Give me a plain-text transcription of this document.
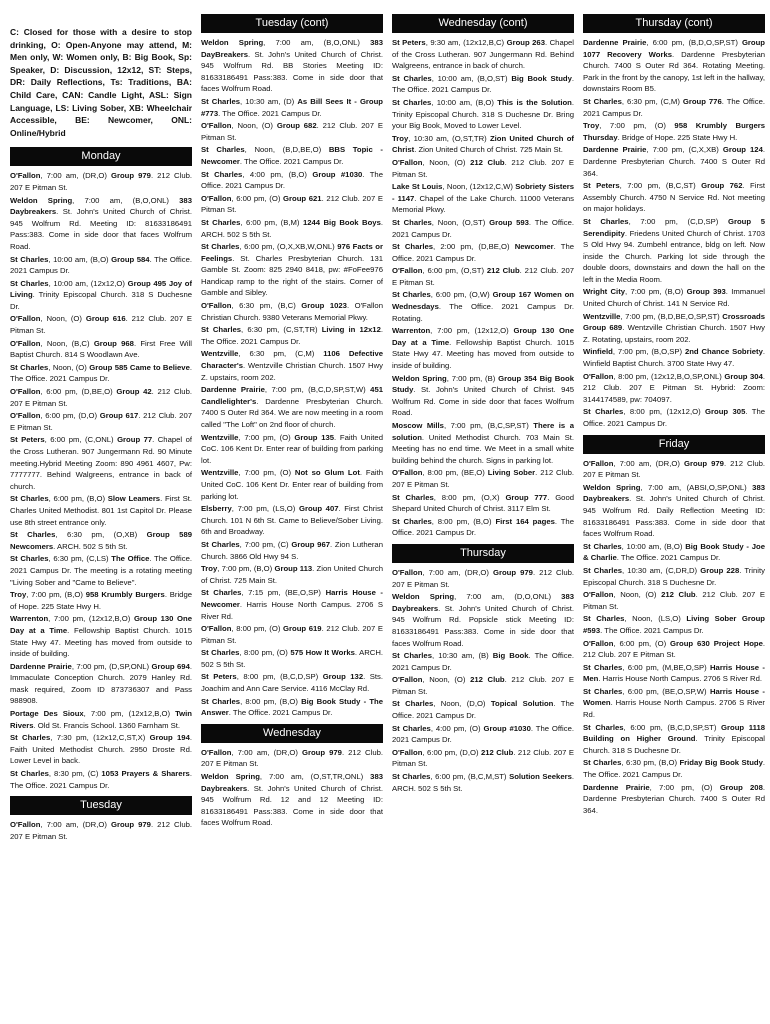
C: Closed for those with a desire to stop drinking, O: Open-Anyone may attend, M: Men only, W: Women only, B: Big Book, Sp: Speaker, D: Discussion, 12x12, ST: Steps, DR: Daily Reflections, Ts: Traditions, BA: Child Care, CAN: Candle Light, ASL: Sign Language, LS: Living Sober, XB: Wheelchair Accessible, BE: Newcomer, ONL: Online/Hybrid
Monday
O'Fallon, 7:00 am, (DR,O) Group 979. 212 Club. 207 E Pitman St.
Weldon Spring, 7:00 am, (B,O,ONL) 383 Daybreakers. St. John's United Church of Christ. 945 Wolfrum Rd. Meeting ID: 81633186491 Pass:383. Come in side door that faces Wolfrum Road.
St Charles, 10:00 am, (B,O) Group 584. The Office. 2021 Campus Dr.
St Charles, 10:00 am, (12x12,O) Group 495 Joy of Living. Trinity Episcopal Church. 318 S Duchesne Dr.
O'Fallon, Noon, (O) Group 616. 212 Club. 207 E Pitman St.
O'Fallon, Noon, (B,C) Group 968. First Free Will Baptist Church. 814 S Woodlawn Ave.
St Charles, Noon, (O) Group 585 Came to Believe. The Office. 2021 Campus Dr.
O'Fallon, 6:00 pm, (D,BE,O) Group 42. 212 Club. 207 E Pitman St.
O'Fallon, 6:00 pm, (D,O) Group 617. 212 Club. 207 E Pitman St.
St Peters, 6:00 pm, (C,ONL) Group 77. Chapel of the Cross Lutheran. 907 Jungermann Rd. 90 Minute meeting.Hybrid Meeting Zoom: 890 4961 4607, Pw: 7777777. Behind Walgreens, entrance in back of church.
St Charles, 6:00 pm, (B,O) Slow Leamers. First St. Charles United Methodist. 801 1st Capitol Dr. Please use 8th street entrance only.
St Charles, 6:30 pm, (O,XB) Group 589 Newcomers. ARCH. 502 S 5th St.
St Charles, 6:30 pm, (C,LS) The Office. The Office. 2021 Campus Dr. The meeting is a rotating meeting "Living Sober and "Came to Believe".
Troy, 7:00 pm, (B,O) 958 Krumbly Burgers. Bridge of Hope. 225 State Hwy H.
Warrenton, 7:00 pm, (12x12,B,O) Group 130 One Day at a Time. Fellowship Baptist Church. 1015 State Hwy 47. Meeting has moved from outside to inside of building.
Dardenne Prairie, 7:00 pm, (D,SP,ONL) Group 694. Immaculate Conception Church. 2079 Hanley Rd. mask required, Zoom ID 873736307 and Pass 988908.
Portage Des Sioux, 7:00 pm, (12x12,B,O) Twin Rivers. Old St. Francis School. 1360 Farnham St.
St Charles, 7:30 pm, (12x12,C,ST,X) Group 194. Faith United Methodist Church. 2950 Droste Rd. Lower Level in back.
St Charles, 8:30 pm, (C) 1053 Prayers & Sharers. The Office. 2021 Campus Dr.
Tuesday
O'Fallon, 7:00 am, (DR,O) Group 979. 212 Club. 207 E Pitman St.
Tuesday (cont)
Weldon Spring, 7:00 am, (B,O,ONL) 383 DayBreakers. St. John's United Church of Christ. 945 Wolfrum Rd. BB Stories Meeting ID: 81633186491 Pass:383. Come in side door that faces Wolfrum Road.
St Charles, 10:30 am, (D) As Bill Sees It - Group #773. The Office. 2021 Campus Dr.
O'Fallon, Noon, (O) Group 682. 212 Club. 207 E Pitman St.
St Charles, Noon, (B,D,BE,O) BBS Topic - Newcomer. The Office. 2021 Campus Dr.
St Charles, 4:00 pm, (B,O) Group #1030. The Office. 2021 Campus Dr.
O'Fallon, 6:00 pm, (O) Group 621. 212 Club. 207 E Pitman St.
St Charles, 6:00 pm, (B,M) 1244 Big Book Boys. ARCH. 502 S 5th St.
St Charles, 6:00 pm, (O,X,XB,W,ONL) 976 Facts or Feelings. St. Charles Presbyterian Church. 131 Gamble St. Zoom: 825 2940 8418, pw: #FoFee976 Handicap ramp to the right of the stairs. Corner of Gamble and Sibley.
O'Fallon, 6:30 pm, (B,C) Group 1023. O'Fallon Christian Church. 9380 Veterans Memorial Pkwy.
St Charles, 6:30 pm, (C,ST,TR) Living in 12x12. The Office. 2021 Campus Dr.
Wentzville, 6:30 pm, (C,M) 1106 Defective Character's. Wentzville Christian Church. 1507 Hwy Z. upstairs, room 202.
Dardenne Prairie, 7:00 pm, (B,C,D,SP,ST,W) 451 Candlelighter's. Dardenne Presbyterian Church. 7400 S Outer Rd 364. We are now meeting in a room called "The Loft" on 2nd floor of church.
Wentzville, 7:00 pm, (O) Group 135. Faith United CoC. 106 Kent Dr. Enter rear of building from parking lot.
Wentzville, 7:00 pm, (O) Not so Glum Lot. Faith United CoC. 106 Kent Dr. Enter rear of building from parking lot.
Elsberry, 7:00 pm, (LS,O) Group 407. First Christ Church. 101 N 6th St. Came to Believe/Sober Living. 6th and Broadway.
St Charles, 7:00 pm, (C) Group 967. Zion Lutheran Church. 3866 Old Hwy 94 S.
Troy, 7:00 pm, (B,O) Group 113. Zion United Church of Christ. 725 Main St.
St Charles, 7:15 pm, (BE,O,SP) Harris House - Newcomer. Harris House North Campus. 2706 S River Rd.
O'Fallon, 8:00 pm, (O) Group 619. 212 Club. 207 E Pitman St.
St Charles, 8:00 pm, (O) 575 How It Works. ARCH. 502 S 5th St.
St Peters, 8:00 pm, (B,C,D,SP) Group 132. Sts. Joachim and Ann Care Service. 4116 McClay Rd.
St Charles, 8:00 pm, (B,O) Big Book Study - The Answer. The Office. 2021 Campus Dr.
Wednesday
O'Fallon, 7:00 am, (DR,O) Group 979. 212 Club. 207 E Pitman St.
Weldon Spring, 7:00 am, (O,ST,TR,ONL) 383 Daybreakers. St. John's United Church of Christ. 945 Wolfrum Rd. 12 and 12 Meeting ID: 81633186491 Pass:383. Come in side door that faces Wolfrum Road.
Wednesday (cont)
St Peters, 9:30 am, (12x12,B,C) Group 263. Chapel of the Cross Lutheran. 907 Jungermann Rd. Behind Walgreens, entrance in back of church.
St Charles, 10:00 am, (B,O,ST) Big Book Study. The Office. 2021 Campus Dr.
St Charles, 10:00 am, (B,O) This is the Solution. Trinity Episcopal Church. 318 S Duchesne Dr. Bring your Big Book, Moved to Lower Level.
Troy, 10:30 am, (O,ST,TR) Zion United Church of Christ. Zion United Church of Christ. 725 Main St.
O'Fallon, Noon, (O) 212 Club. 212 Club. 207 E Pitman St.
Lake St Louis, Noon, (12x12,C,W) Sobriety Sisters - 1147. Chapel of the Lake Church. 11000 Veterans Memorial Pkwy.
St Charles, Noon, (O,ST) Group 593. The Office. 2021 Campus Dr.
St Charles, 2:00 pm, (D,BE,O) Newcomer. The Office. 2021 Campus Dr.
O'Fallon, 6:00 pm, (O,ST) 212 Club. 212 Club. 207 E Pitman St.
St Charles, 6:00 pm, (O,W) Group 167 Women on Wednesdays. The Office. 2021 Campus Dr. Rotating.
Warrenton, 7:00 pm, (12x12,O) Group 130 One Day at a Time. Fellowship Baptist Church. 1015 State Hwy 47. Meeting has moved from outside to inside of building.
Weldon Spring, 7:00 pm, (B) Group 354 Big Book Study. St. John's United Church of Christ. 945 Wolfrum Rd. Come in side door that faces Wolfrum Road.
Moscow Mills, 7:00 pm, (B,C,SP,ST) There is a solution. United Methodist Church. 703 Main St. Meeting has no end time. We Meet in a small white building behind the church. Signs in parking lot.
O'Fallon, 8:00 pm, (BE,O) Living Sober. 212 Club. 207 E Pitman St.
St Charles, 8:00 pm, (O,X) Group 777. Good Shepard United Church of Christ. 3117 Elm St.
St Charles, 8:00 pm, (B,O) First 164 pages. The Office. 2021 Campus Dr.
Thursday
O'Fallon, 7:00 am, (DR,O) Group 979. 212 Club. 207 E Pitman St.
Weldon Spring, 7:00 am, (D,O,ONL) 383 Daybreakers. St. John's United Church of Christ. 945 Wolfrum Rd. Popsicle stick Meeting ID: 81633186491 Pass:383. Come in side door that faces Wolfrum Road.
St Charles, 10:30 am, (B) Big Book. The Office. 2021 Campus Dr.
O'Fallon, Noon, (O) 212 Club. 212 Club. 207 E Pitman St.
St Charles, Noon, (D,O) Topical Solution. The Office. 2021 Campus Dr.
St Charles, 4:00 pm, (O) Group #1030. The Office. 2021 Campus Dr.
O'Fallon, 6:00 pm, (D,O) 212 Club. 212 Club. 207 E Pitman St.
St Charles, 6:00 pm, (B,C,M,ST) Solution Seekers. ARCH. 502 S 5th St.
Thursday (cont)
Dardenne Prairie, 6:00 pm, (B,D,O,SP,ST) Group 1077 Recovery Works. Dardenne Presbyterian Church. 7400 S Outer Rd 364. Rotating Meeting. Park in the front by the canopy, 1st left in the hallway, downstairs Room B5.
St Charles, 6:30 pm, (C,M) Group 776. The Office. 2021 Campus Dr.
Troy, 7:00 pm, (O) 958 Krumbly Burgers Thursday. Bridge of Hope. 225 State Hwy H.
Dardenne Prairie, 7:00 pm, (C,X,XB) Group 124. Dardenne Presbyterian Church. 7400 S Outer Rd 364.
St Peters, 7:00 pm, (B,C,ST) Group 762. First Assembly Church. 4750 N Service Rd. Not meeting on major holidays.
St Charles, 7:00 pm, (C,D,SP) Group 5 Serendipity. Friedens United Church of Christ. 1703 S Old Hwy 94. Zumbehl entrance, bldg on left. Now inside the Church. Parking lot side through the double doors, downstairs and down the hall on the left in the Media Room.
Wright City, 7:00 pm, (B,O) Group 393. Immanuel United Church of Christ. 141 N Service Rd.
Wentzville, 7:00 pm, (B,D,BE,O,SP,ST) Crossroads Group 689. Wentzville Christian Church. 1507 Hwy Z. Rotating, upstairs, room 202.
Winfield, 7:00 pm, (B,O,SP) 2nd Chance Sobriety. Winfield Baptist Church. 3700 State Hwy 47.
O'Fallon, 8:00 pm, (12x12,B,O,SP,ONL) Group 304. 212 Club. 207 E Pitman St. Hybrid: Zoom: 3144174589, pw: 704097.
St Charles, 8:00 pm, (12x12,O) Group 305. The Office. 2021 Campus Dr.
Friday
O'Fallon, 7:00 am, (DR,O) Group 979. 212 Club. 207 E Pitman St.
Weldon Spring, 7:00 am, (ABSI,O,SP,ONL) 383 Daybreakers. St. John's United Church of Christ. 945 Wolfrum Rd. Daily Reflection Meeting ID: 81633186491 Pass:383. Come in side door that faces Wolfrum Road.
St Charles, 10:00 am, (B,O) Big Book Study - Joe & Charlie. The Office. 2021 Campus Dr.
St Charles, 10:30 am, (C,DR,D) Group 228. Trinity Episcopal Church. 318 S Duchesne Dr.
O'Fallon, Noon, (O) 212 Club. 212 Club. 207 E Pitman St.
St Charles, Noon, (LS,O) Living Sober Group #593. The Office. 2021 Campus Dr.
O'Fallon, 6:00 pm, (O) Group 630 Project Hope. 212 Club. 207 E Pitman St.
St Charles, 6:00 pm, (M,BE,O,SP) Harris House - Men. Harris House North Campus. 2706 S River Rd.
St Charles, 6:00 pm, (BE,O,SP,W) Harris House - Women. Harris House North Campus. 2706 S River Rd.
St Charles, 6:00 pm, (B,C,D,SP,ST) Group 1118 Building on Higher Ground. Trinity Episcopal Church. 318 S Duchesne Dr.
St Charles, 6:30 pm, (B,O) Friday Big Book Study. The Office. 2021 Campus Dr.
Dardenne Prairie, 7:00 pm, (O) Group 208. Dardenne Presbyterian Church. 7400 S Outer Rd 364.
